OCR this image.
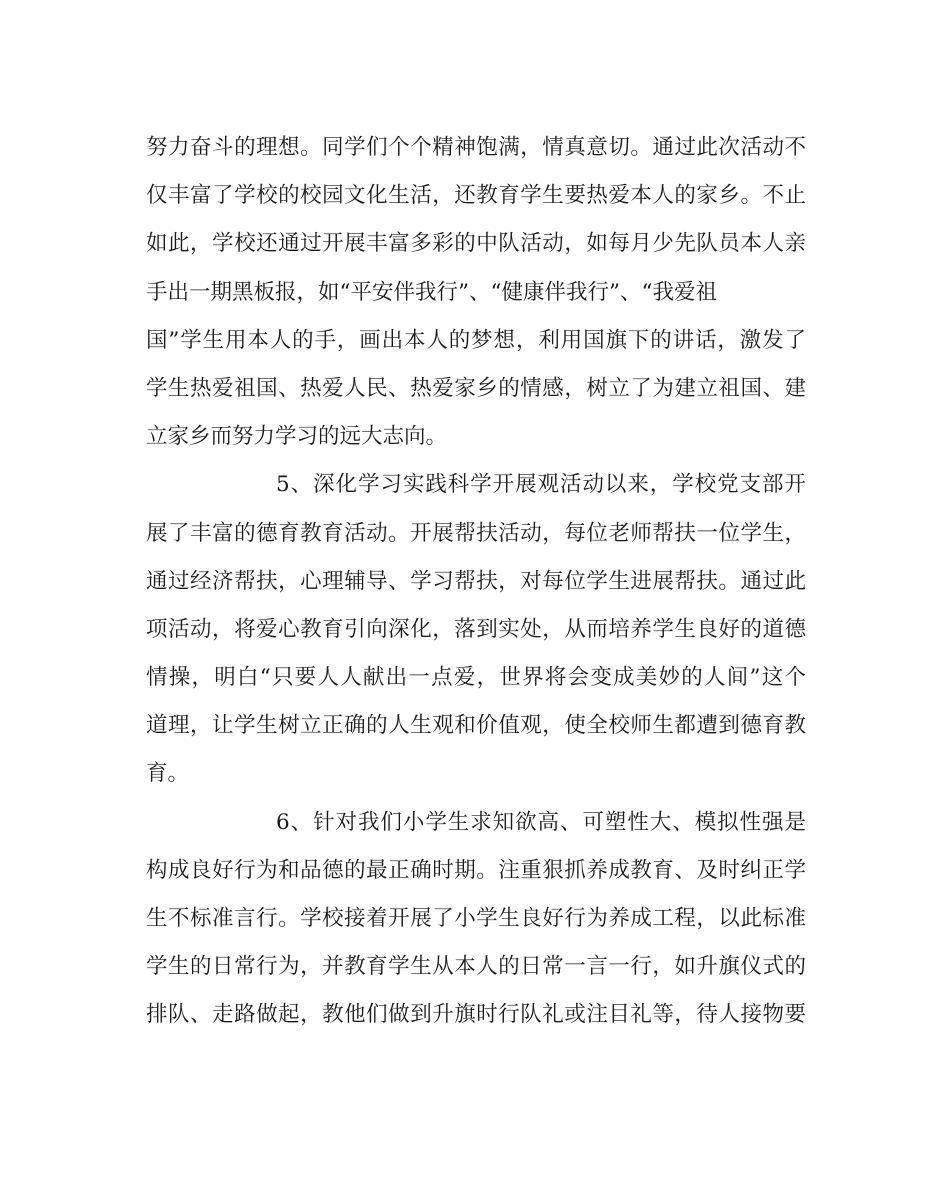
努力奋斗的理想。同学们个个精神饱满，情真意切。通过此次活动不
仅丰富了学校的校园文化生活，还教育学生要热爱本人的家乡。不止
如此，学校还通过开展丰富多彩的中队活动，如每月少先队员本人亲
手出一期黑板报，如“平安伴我行”、“健康伴我行”、“我爱祖
国”学生用本人的手，画出本人的梦想，利用国旗下的讲话，激发了
学生热爱祖国、热爱人民、热爱家乡的情感，树立了为建立祖国、建
立家乡而努力学习的远大志向。
5、深化学习实践科学开展观活动以来，学校党支部开
展了丰富的德育教育活动。开展帮扶活动，每位老师帮扶一位学生，
通过经济帮扶，心理辅导、学习帮扶，对每位学生进展帮扶。通过此
项活动，将爱心教育引向深化，落到实处，从而培养学生良好的道德
情操，明白“只要人人献出一点爱，世界将会变成美妙的人间”这个
道理，让学生树立正确的人生观和价值观，使全校师生都遭到德育教
育。
6、针对我们小学生求知欲高、可塑性大、模拟性强是
构成良好行为和品德的最正确时期。注重狠抓养成教育、及时纠正学
生不标准言行。学校接着开展了小学生良好行为养成工程，以此标准
学生的日常行为，并教育学生从本人的日常一言一行，如升旗仪式的
排队、走路做起，教他们做到升旗时行队礼或注目礼等，待人接物要
